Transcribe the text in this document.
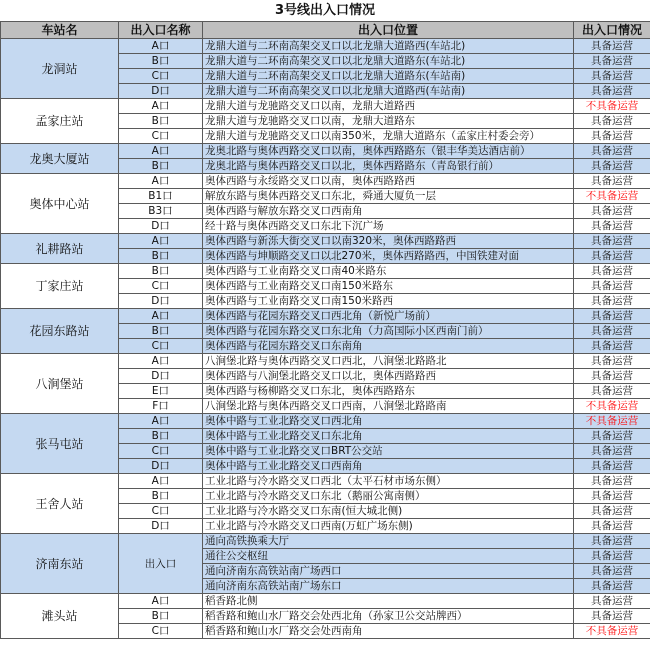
3号线出入口情况
车站名	出入口名称	出入口位置	出入口情况
龙洞站	A口	龙鼎大道与二环南高架交叉口以北龙鼎大道路西(车站北)	具备运营
	B口	龙鼎大道与二环南高架交叉口以北龙鼎大道路东(车站北)	具备运营
	C口	龙鼎大道与二环南高架交叉口以北龙鼎大道路东(车站南)	具备运营
	D口	龙鼎大道与二环南高架交叉口以北龙鼎大道路西(车站南)	具备运营
孟家庄站	A口	龙鼎大道与龙驰路交叉口以南，龙鼎大道路西	不具备运营
	B口	龙鼎大道与龙驰路交叉口以南，龙鼎大道路东	具备运营
	C口	龙鼎大道与龙驰路交叉口以南350米，龙鼎大道路东（孟家庄村委会旁）	具备运营
龙奥大厦站	A口	龙奥北路与奥体西路交叉口以南，奥体西路路东（银丰华美达酒店前）	具备运营
	B口	龙奥北路与奥体西路交叉口以北，奥体西路路东（青岛银行前）	具备运营
奥体中心站	A口	奥体西路与永绥路交叉口以南，奥体西路路西	具备运营
	B1口	解放东路与奥体西路交叉口东北，舜通大厦负一层	不具备运营
	B3口	奥体西路与解放东路交叉口西南角	具备运营
	D口	经十路与奥体西路交叉口东北下沉广场	具备运营
礼耕路站	A口	奥体西路与新泺大街交叉口以南320米，奥体西路路西	具备运营
	B口	奥体西路与坤顺路交叉口以北270米，奥体西路路西，中国铁建对面	具备运营
丁家庄站	B口	奥体西路与工业南路交叉口南40米路东	具备运营
	C口	奥体西路与工业南路交叉口南150米路东	具备运营
	D口	奥体西路与工业南路交叉口南150米路西	具备运营
花园东路站	A口	奥体西路与花园东路交叉口西北角（新悦广场前）	具备运营
	B口	奥体西路与花园东路交叉口东北角（力高国际小区西南门前）	具备运营
	C口	奥体西路与花园东路交叉口东南角	具备运营
八涧堡站	A口	八涧堡北路与奥体西路交叉口西北，八涧堡北路路北	具备运营
	D口	奥体西路与八涧堡北路交叉口以北，奥体西路路西	具备运营
	E口	奥体西路与杨柳路交叉口东北，奥体西路路东	具备运营
	F口	八涧堡北路与奥体西路交叉口西南，八涧堡北路路南	不具备运营
张马屯站	A口	奥体中路与工业北路交叉口西北角	不具备运营
	B口	奥体中路与工业北路交叉口东北角	具备运营
	C口	奥体中路与工业北路交叉口BRT公交站	具备运营
	D口	奥体中路与工业北路交叉口西南角	具备运营
王舍人站	A口	工业北路与冷水路交叉口西北（太平石材市场东侧）	具备运营
	B口	工业北路与冷水路交叉口东北（鹅丽公寓南侧）	具备运营
	C口	工业北路与冷水路交叉口东南(恒大城北侧)	具备运营
	D口	工业北路与冷水路交叉口西南(万虹广场东侧)	具备运营
济南东站	出入口	通向高铁换乘大厅	具备运营
		通往公交枢纽	具备运营
		通向济南东高铁站南广场西口	具备运营
		通向济南东高铁站南广场东口	具备运营
滩头站	A口	稻香路北侧	具备运营
	B口	稻香路和鲍山水厂路交会处西北角（孙家卫公交站牌西）	具备运营
	C口	稻香路和鲍山水厂路交会处西南角	不具备运营
